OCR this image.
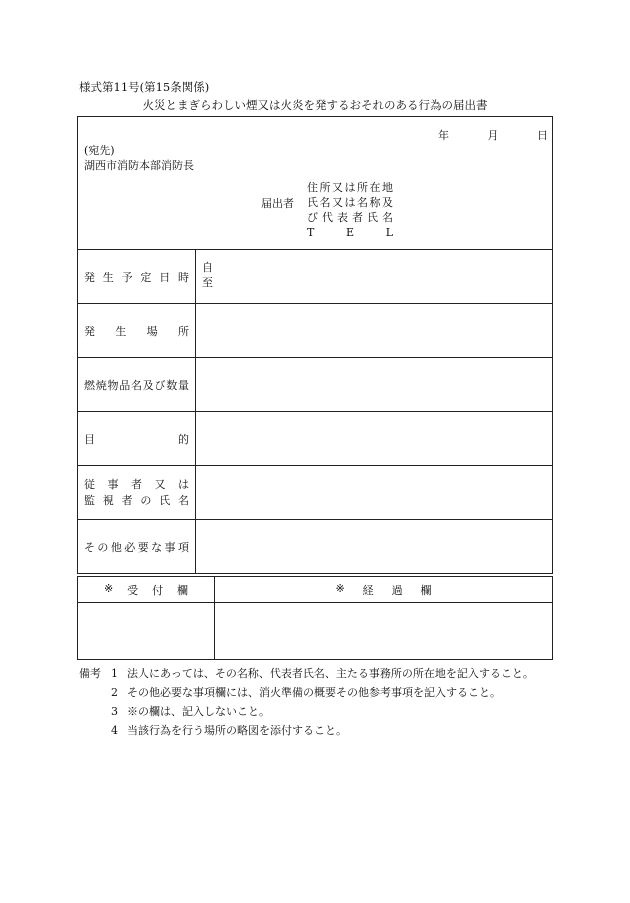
様式第11号(第15条関係)
火災とまぎらわしい煙又は火炎を発するおそれのある行為の届出書
年	月	日
(宛先)
湖西市消防本部消防長
届出者
住 所 又 は 所 在 地
氏 名 又 は 名 称 及
び 代 表 者 氏 名
T	E	L
発 生 予 定 日 時
自
至
発 生 場 所
燃 焼 物 品 名 及 び 数 量
目	的
従 事 者 又 は
監 視 者 の 氏 名
そ の 他 必 要 な 事 項
※ 受 付 欄	※ 経 過 欄
備考 1 法人にあっては、その名称、代表者氏名、主たる事務所の所在地を記入すること。
2 その他必要な事項欄には、消火準備の概要その他参考事項を記入すること。
3 ※の欄は、記入しないこと。
4 当該行為を行う場所の略図を添付すること。
